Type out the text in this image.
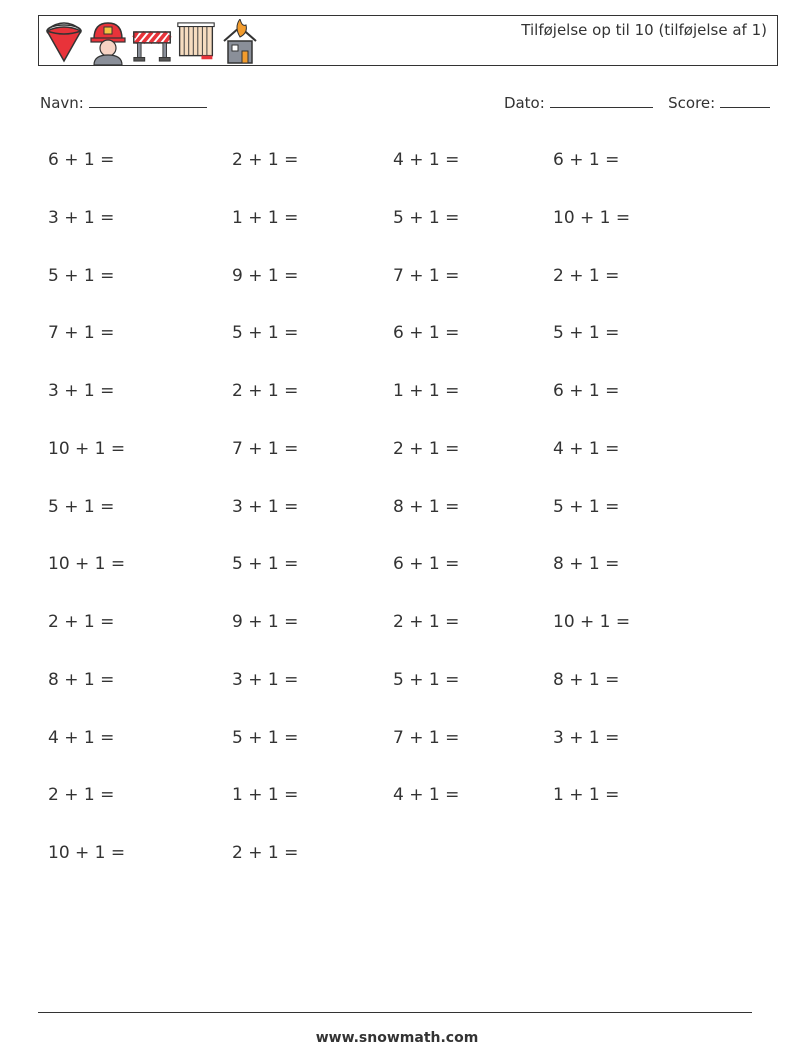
Tilføjelse op til 10 (tilføjelse af 1)
Navn:	Dato:	Score:
6 + 1 =
3 + 1 =
5 + 1 =
7 + 1 =
3 + 1 =
10 + 1 =
5 + 1 =
10 + 1 =
2 + 1 =
8 + 1 =
4 + 1 =
2 + 1 =
10 + 1 =
2 + 1 =
1 + 1 =
9 + 1 =
5 + 1 =
2 + 1 =
7 + 1 =
3 + 1 =
5 + 1 =
9 + 1 =
3 + 1 =
5 + 1 =
1 + 1 =
2 + 1 =
4 + 1 =
5 + 1 =
7 + 1 =
6 + 1 =
1 + 1 =
2 + 1 =
8 + 1 =
6 + 1 =
2 + 1 =
5 + 1 =
7 + 1 =
4 + 1 =
6 + 1 =
10 + 1 =
2 + 1 =
5 + 1 =
6 + 1 =
4 + 1 =
5 + 1 =
8 + 1 =
10 + 1 =
8 + 1 =
3 + 1 =
1 + 1 =
www.snowmath.com
